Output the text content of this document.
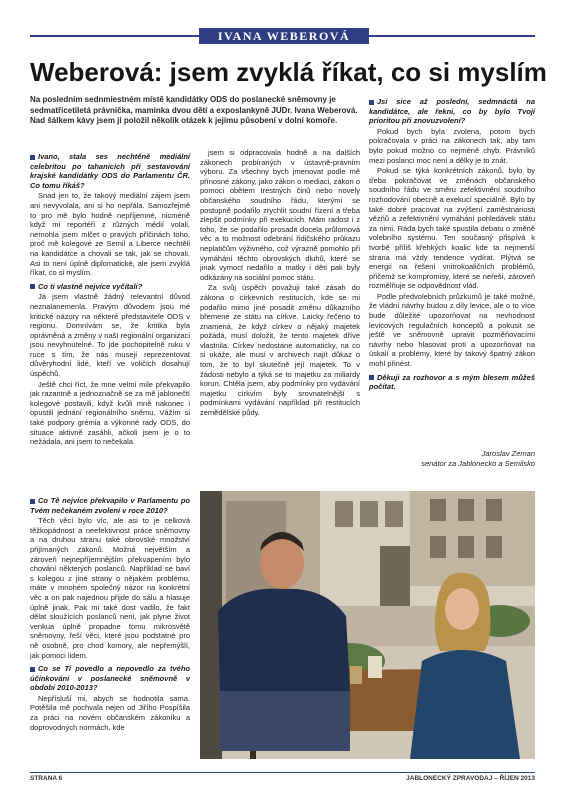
IVANA WEBEROVÁ
Weberová: jsem zvyklá říkat, co si myslím
Na posledním sednmiestném místě kandidátky ODS do poslanecké sněmovny je sedmatřicetiletá právnička, maminka dvou dětí a exposlankyně JUDr. Ivana Weberová. Nad šálkem kávy jsem ji položil několik otázek k jejímu působení v dolní komoře.

Ivano, stala ses nechtěně mediální celebritou po tahanicích při sestavování krajské kandidátky ODS do Parlamentu ČR. Co tomu říkáš?

Snad jen to, že takový mediální zájem jsem ani nevyvolala, ani si ho nepřála. Samozřejmě to pro mě bylo hodně nepříjemné, nicméně když mi reportéři z různých médií volali, nemohla jsem mlčet o pravých příčinách toho, proč mě kolegové ze Semil a Liberce nechtěli na kandidátce a chovali se tak, jak se chovali. Asi to není úplně diplomatické, ale jsem zvyklá říkat, co si myslím.

Co ti vlastně nejvíce vyčítali?

Já jsem vlastně žádný relevantní důvod neznalanemenla. Pravým důvodem jsou mé kritické názory na některé představitele ODS v regionu. Domnívám se, že kritika byla oprávněná a změny v naší regionální organizaci jsou nevyhnutelné. To jde pochopitelně ruku v ruce s tím, že nás musejí reprezentovat důvěryhodní lidé, kteří ve voličích dosahují úspěchů.

Ještě chci říct, že mne velmi mile překvapilo jak razantně a jednoznačně se za mě jablonečtí kolegové postavili, když kvůli mně nakonec i opustili jednání regionálního sněmu. Vážím si také podpory grémia a výkonné rady ODS, do situace aktivně zasáhli, ačkoli jsem je o to nežádala, ani jsem to nečekala.

jsem si odpracovala hodně a na dalších zákonech probíraných v ústavně-právním výboru. Za všechny bych jmenovat podle mě přínosné zákony, jako zákon o mediaci, zákon o pomoci obětem trestných činů nebo novely občanského soudního řádu, kterými se postupně podařilo zrychlit soudní řízení a třeba zlepšit podmínky při exekucích. Mám radost i z toho, že se podařilo prosadit docela průlomová věc a to možnost odebrání řidičského průkazu neplatičům výživného, což výrazně pomohlo při vymáhání těchto obrovských dluhů, které se jinak vymoct nedařilo a matky i děti pak byly odkázány na sociální pomoc státu.

Za svůj úspěch považuji také zásah do zákona o církevních restitucích, kde se mi podařilo mimo jiné posadit změnu důkazního břemene ze státu na církve. Laicky řečeno to znamená, že když církev o nějaký majetek požádá, musí doložit, že tento majetek dříve vlastnila. Církev nedostane automaticky, na co si ukáže, ale musí v archivech najít důkaz o tom, že to byl skutečně její majetek. To v žádosti nebylo a týká se to majetku za miliardy korun. Chtěla jsem, aby podmínky pro vydávání majetku církvím byly srovnatelnější s podmínkami vydávání například při restitucích zemědělské půdy.

Jsi sice až poslední, sedmnáctá na kandidátce, ale řekni, co by bylo Tvojí prioritou při znovuzvolení?

Pokud bych byla zvolena, potom bych pokračovala v práci na zákonech tak, aby tam bylo pokud možno co nejméně chyb. Právníků mezi poslanci moc není a dělky je to znát.

Pokud se týká konkrétních zákonů, bylo by třeba pokračovat ve změnách občanského soudního řádu ve směru zefektivnění soudního rozhodování obecně a exekucí speciálně. Bylo by také dobré pracovat na zvýšení zaměstnanosti vězňů a zefektivnění vymáhání pohledávek státu za nimi. Ráda bych také spustila debatu o změně volebního systému. Ten současný přispívá k tvorbě příliš křehkých koalic kde ta nejmenší strana má vždy tendence vydírat. Plýtvá se energií na řešení vnitrokoaličních problémů, přičemž se kompromisy, které se neřeší, zároveň rozmělňuje se odpovědnost vlád.

Podle předvolebních průzkumů je také možné, že vládní návrhy budou z díly levice, ale o to více bude důležité upozorňovat na nevhodnost levicových regulačních konceptů a pokusit se ještě ve sněmovně upravit pozměňovacími návrhy nebo hlasovat proti a upozorňovat na úskalí a problémy, které by takový špatný zákon mohl přinést.

Děkuji za rozhovor a s mým blesem můžeš počítat.

Co Tě nejvíce překvapilo v Parlamentu po Tvém nečekaném zvolení v roce 2010?

Těch věcí bylo víc, ale asi to je celková těžkopádnost a neefektivnost práce sněmovny a na druhou stranu také obrovské množství přijímaných zákonů. Možná největším a zároveň nejnepříjemnějším překvapením bylo chování některých poslanců. Například se baví s kolegou z jiné strany o nějakém problému, máte v mnohém společný názor na konkrétní věc a on pak najednou přijde do sálu a hlasuje úplně jinak. Pak mi také dost vadilo, že fakt dělat sloužících poslanců není, jak plyne život venkua úplně propadne tomu mikrosvětě sněmovny, řeší věci, které jsou podstatné pro ně osobně, pro chod komory, ale nepřemýšlí, jak pomoci lidem.

Co se Ti povedlo a nepovedlo za tvého účinkování v poslanecké sněmovně v období 2010-2013?

Nepřísluší mi, abych se hodnotila sama. Potěšila mě pochvala nejen od Jiřího Pospíšila za práci na novém občanském zákoníku a doprovodných normách, kde

Jaroslav Zeman
senátor za Jablonecko a Semilsko
STRANA 6	JABLONECKÝ ZPRAVODAJ – ŘÍJEN 2013
